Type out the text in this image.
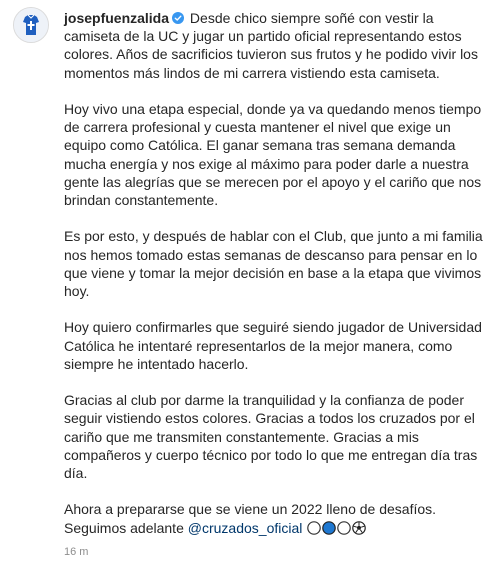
josepfuenzalida Desde chico siempre soñé con vestir la camiseta de la UC y jugar un partido oficial representando estos colores. Años de sacrificios tuvieron sus frutos y he podido vivir los momentos más lindos de mi carrera vistiendo esta camiseta.

Hoy vivo una etapa especial, donde ya va quedando menos tiempo de carrera profesional y cuesta mantener el nivel que exige un equipo como Católica. El ganar semana tras semana demanda mucha energía y nos exige al máximo para poder darle a nuestra gente las alegrías que se merecen por el apoyo y el cariño que nos brindan constantemente.

Es por esto, y después de hablar con el Club, que junto a mi familia nos hemos tomado estas semanas de descanso para pensar en lo que viene y tomar la mejor decisión en base a la etapa que vivimos hoy.

Hoy quiero confirmarles que seguiré siendo jugador de Universidad Católica he intentaré representarlos de la mejor manera, como siempre he intentado hacerlo.

Gracias al club por darme la tranquilidad y la confianza de poder seguir vistiendo estos colores. Gracias a todos los cruzados por el cariño que me transmiten constantemente. Gracias a mis compañeros y cuerpo técnico por todo lo que me entregan día tras día.

Ahora a prepararse que se viene un 2022 lleno de desafíos.
Seguimos adelante @cruzados_oficial

16 m
